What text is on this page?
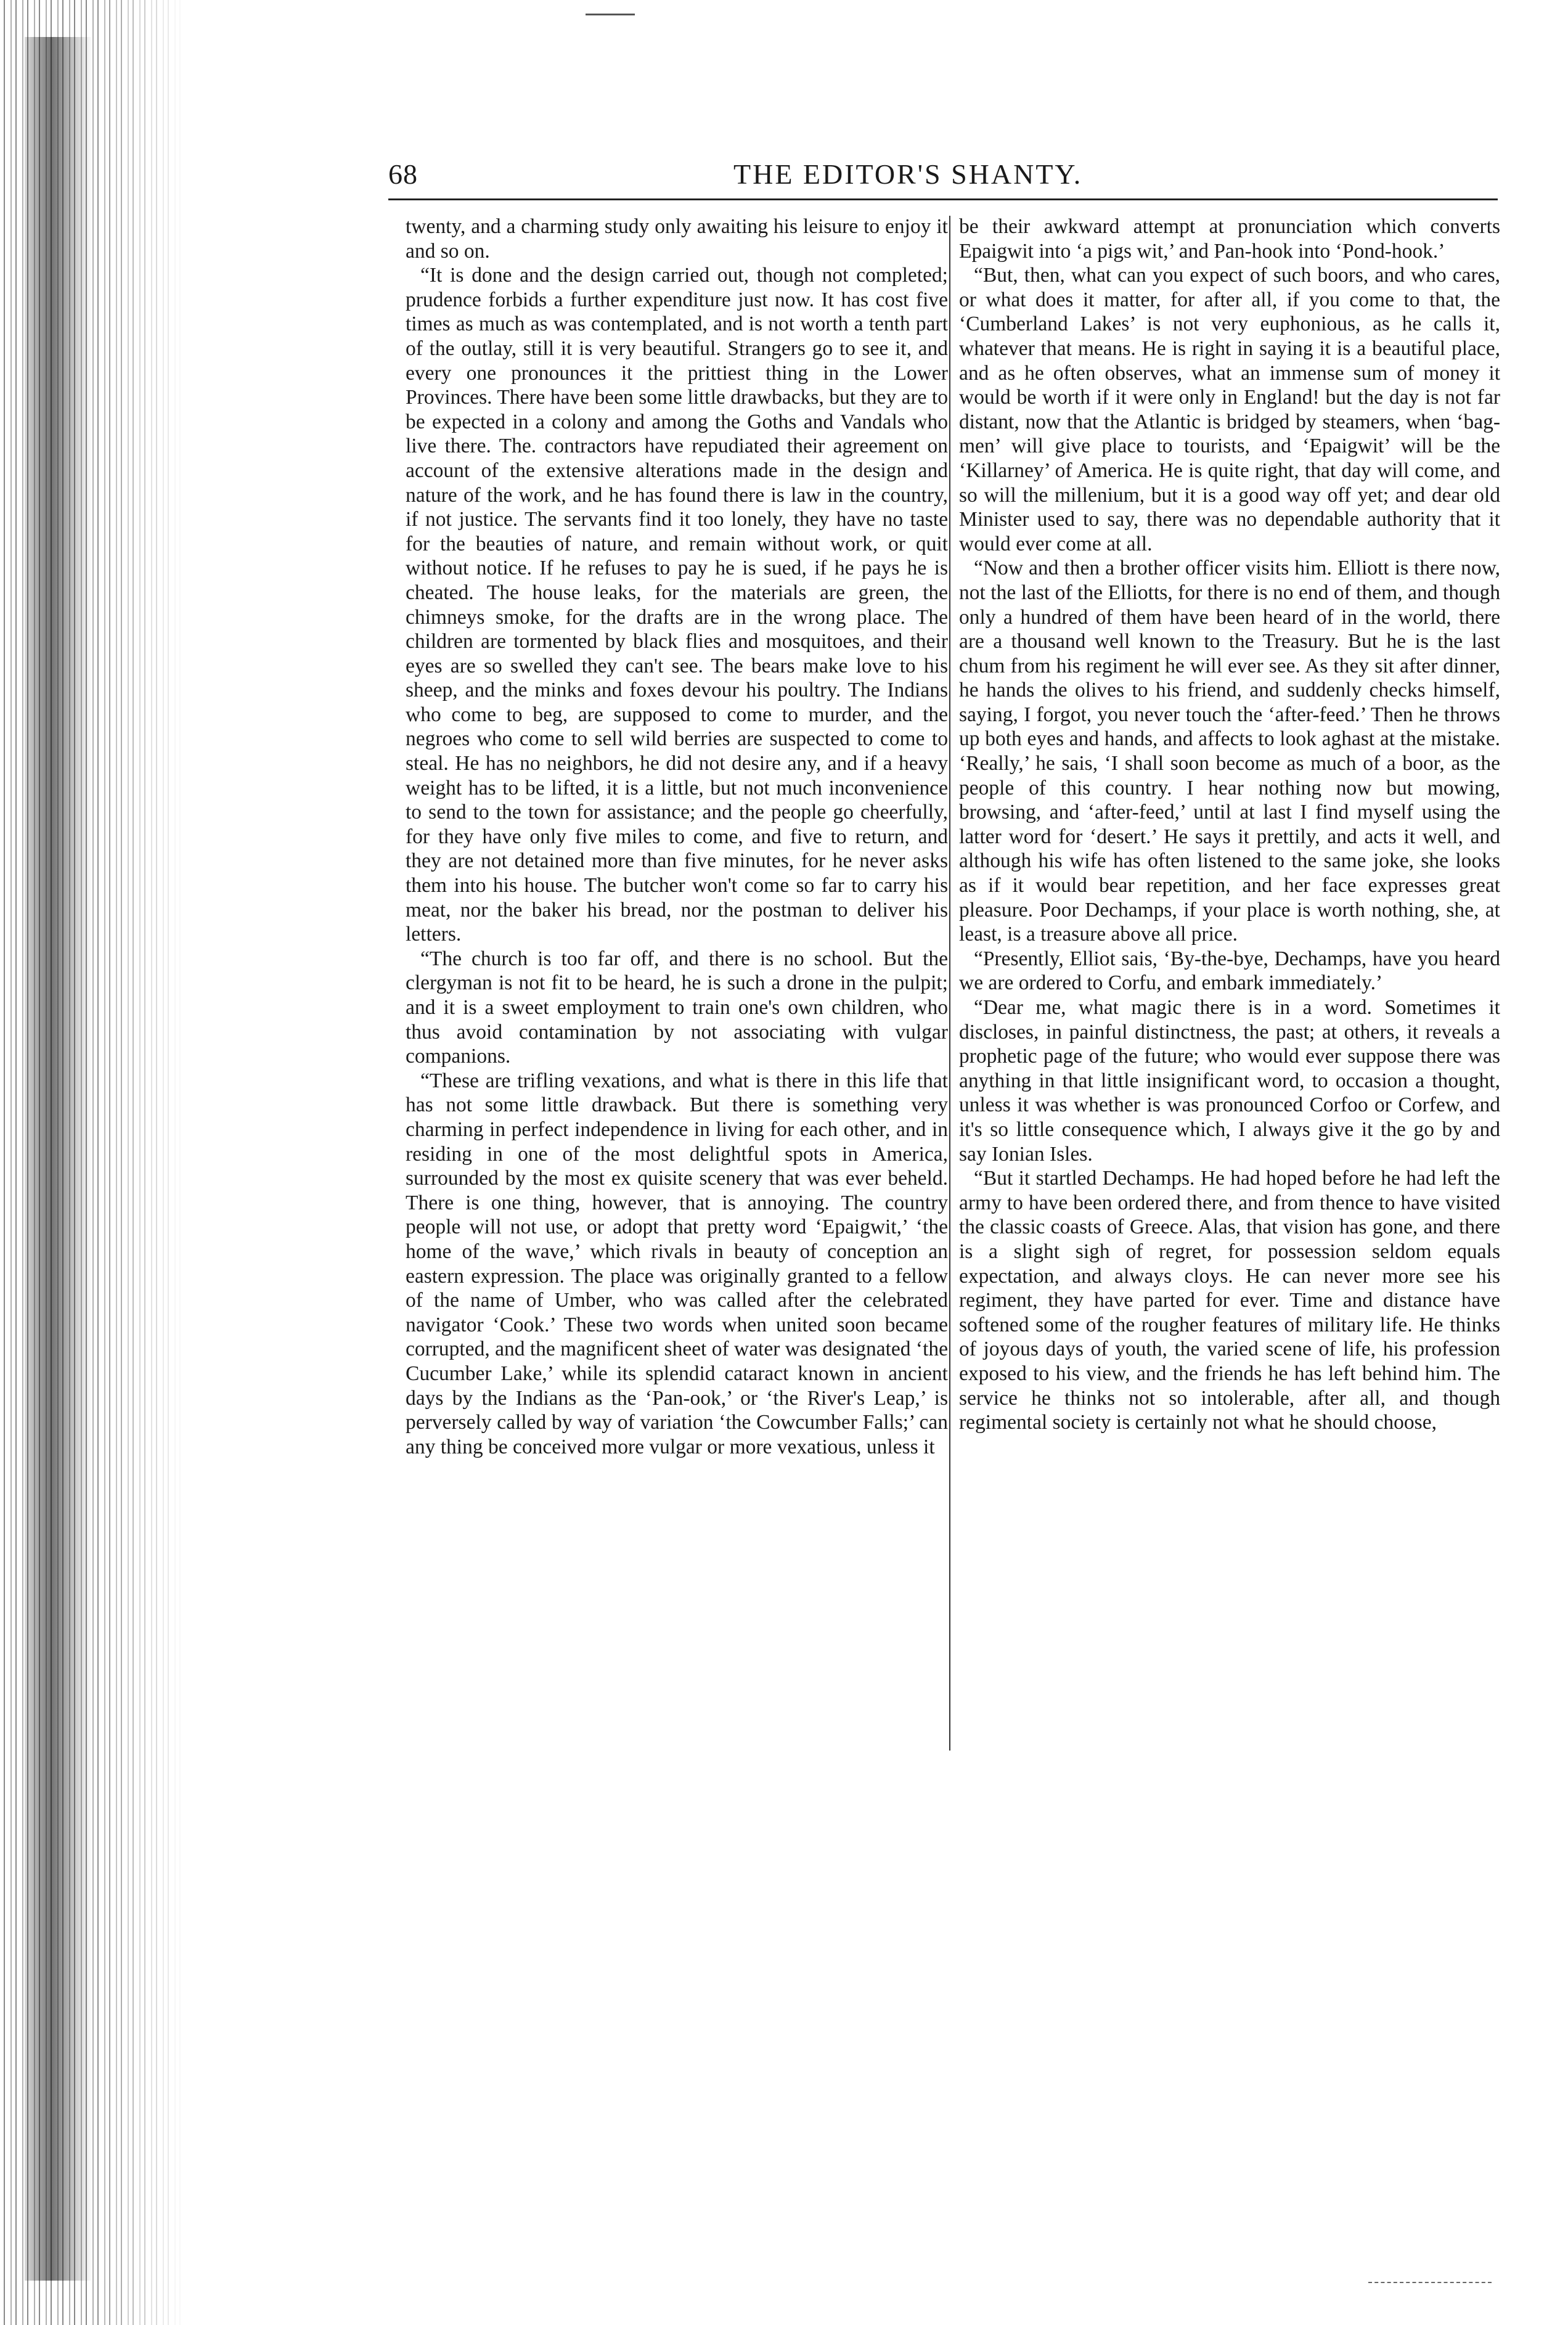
68	THE EDITOR'S SHANTY.

twenty, and a charming study only awaiting his leisure to enjoy it and so on.

“It is done and the design carried out, though not completed; prudence forbids a further expenditure just now. It has cost five times as much as was contemplated, and is not worth a tenth part of the outlay, still it is very beautiful. Strangers go to see it, and every one pronounces it the prittiest thing in the Lower Provinces. There have been some little drawbacks, but they are to be expected in a colony and among the Goths and Vandals who live there. The. contractors have repudiated their agreement on account of the extensive alterations made in the design and nature of the work, and he has found there is law in the country, if not justice. The servants find it too lonely, they have no taste for the beauties of nature, and remain without work, or quit without notice. If he refuses to pay he is sued, if he pays he is cheated. The house leaks, for the materials are green, the chimneys smoke, for the drafts are in the wrong place. The children are tormented by black flies and mosquitoes, and their eyes are so swelled they can't see. The bears make love to his sheep, and the minks and foxes devour his poultry. The Indians who come to beg, are supposed to come to murder, and the negroes who come to sell wild berries are suspected to come to steal. He has no neighbors, he did not desire any, and if a heavy weight has to be lifted, it is a little, but not much inconvenience to send to the town for assistance; and the people go cheerfully, for they have only five miles to come, and five to return, and they are not detained more than five minutes, for he never asks them into his house. The butcher won't come so far to carry his meat, nor the baker his bread, nor the postman to deliver his letters.

“The church is too far off, and there is no school. But the clergyman is not fit to be heard, he is such a drone in the pulpit; and it is a sweet employment to train one's own children, who thus avoid contamination by not associating with vulgar companions.

“These are trifling vexations, and what is there in this life that has not some little drawback. But there is something very charming in perfect independence in living for each other, and in residing in one of the most delightful spots in America, surrounded by the most ex quisite scenery that was ever beheld. There is one thing, however, that is annoying. The country people will not use, or adopt that pretty word ‘Epaigwit,’ ‘the home of the wave,’ which rivals in beauty of conception an eastern expression. The place was originally granted to a fellow of the name of Umber, who was called after the celebrated navigator ‘Cook.’ These two words when united soon became corrupted, and the magnificent sheet of water was designated ‘the Cucumber Lake,’ while its splendid cataract known in ancient days by the Indians as the ‘Pan-ook,’ or ‘the River's Leap,’ is perversely called by way of variation ‘the Cowcumber Falls;’ can any thing be conceived more vulgar or more vexatious, unless it

be their awkward attempt at pronunciation which converts Epaigwit into ‘a pigs wit,’ and Pan-hook into ‘Pond-hook.’

“But, then, what can you expect of such boors, and who cares, or what does it matter, for after all, if you come to that, the ‘Cumberland Lakes’ is not very euphonious, as he calls it, whatever that means. He is right in saying it is a beautiful place, and as he often observes, what an immense sum of money it would be worth if it were only in England! but the day is not far distant, now that the Atlantic is bridged by steamers, when ‘bag-men’ will give place to tourists, and ‘Epaigwit’ will be the ‘Killarney’ of America. He is quite right, that day will come, and so will the millenium, but it is a good way off yet; and dear old Minister used to say, there was no dependable authority that it would ever come at all.

“Now and then a brother officer visits him. Elliott is there now, not the last of the Elliotts, for there is no end of them, and though only a hundred of them have been heard of in the world, there are a thousand well known to the Treasury. But he is the last chum from his regiment he will ever see. As they sit after dinner, he hands the olives to his friend, and suddenly checks himself, saying, I forgot, you never touch the ‘after-feed.’ Then he throws up both eyes and hands, and affects to look aghast at the mistake. ‘Really,’ he sais, ‘I shall soon become as much of a boor, as the people of this country. I hear nothing now but mowing, browsing, and ‘after-feed,’ until at last I find myself using the latter word for ‘desert.’ He says it prettily, and acts it well, and although his wife has often listened to the same joke, she looks as if it would bear repetition, and her face expresses great pleasure. Poor Dechamps, if your place is worth nothing, she, at least, is a treasure above all price.

“Presently, Elliot sais, ‘By-the-bye, Dechamps, have you heard we are ordered to Corfu, and embark immediately.’

“Dear me, what magic there is in a word. Sometimes it discloses, in painful distinctness, the past; at others, it reveals a prophetic page of the future; who would ever suppose there was anything in that little insignificant word, to occasion a thought, unless it was whether is was pronounced Corfoo or Corfew, and it's so little consequence which, I always give it the go by and say Ionian Isles.

“But it startled Dechamps. He had hoped before he had left the army to have been ordered there, and from thence to have visited the classic coasts of Greece. Alas, that vision has gone, and there is a slight sigh of regret, for possession seldom equals expectation, and always cloys. He can never more see his regiment, they have parted for ever. Time and distance have softened some of the rougher features of military life. He thinks of joyous days of youth, the varied scene of life, his profession exposed to his view, and the friends he has left behind him. The service he thinks not so intolerable, after all, and though regimental society is certainly not what he should choose,
